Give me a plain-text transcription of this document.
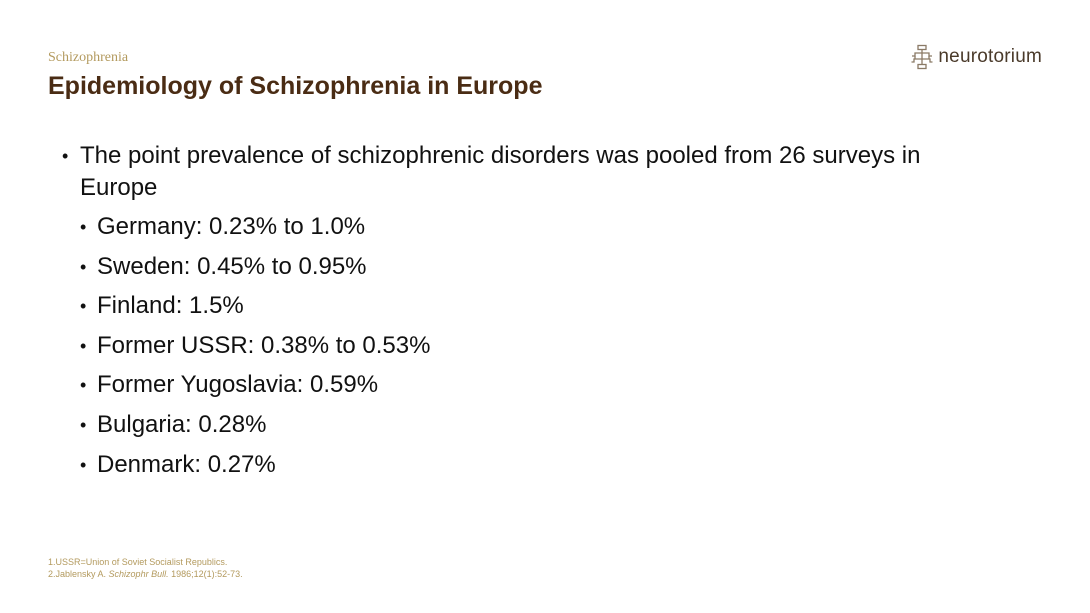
Schizophrenia
Epidemiology of Schizophrenia in Europe
neurotorium
• The point prevalence of schizophrenic disorders was pooled from 26 surveys in Europe
• Germany: 0.23% to 1.0%
• Sweden: 0.45% to 0.95%
• Finland: 1.5%
• Former USSR: 0.38% to 0.53%
• Former Yugoslavia: 0.59%
• Bulgaria: 0.28%
• Denmark: 0.27%
1.USSR=Union of Soviet Socialist Republics.
2.Jablensky A. Schizophr Bull. 1986;12(1):52-73.
